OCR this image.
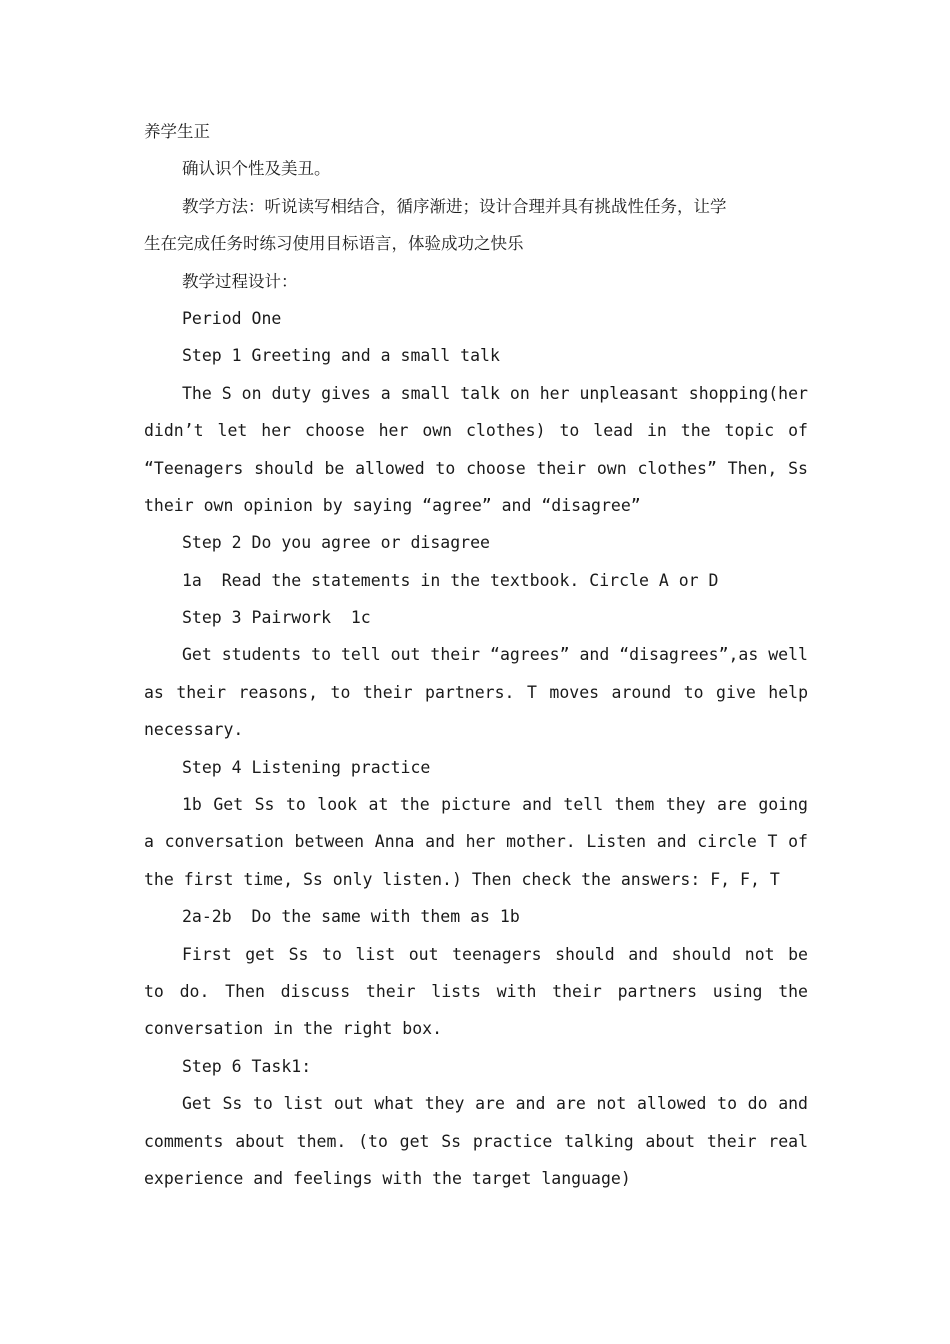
养学生正
确认识个性及美丑。
教学方法：听说读写相结合，循序渐进；设计合理并具有挑战性任务，让学
生在完成任务时练习使用目标语言，体验成功之快乐
教学过程设计：
Period One
Step 1 Greeting and a small talk
The S on duty gives a small talk on her unpleasant shopping(her
didn’t let her choose her own clothes) to lead in the topic of
“Teenagers should be allowed to choose their own clothes” Then, Ss
their own opinion by saying “agree” and “disagree”
Step 2 Do you agree or disagree
1a  Read the statements in the textbook. Circle A or D
Step 3 Pairwork  1c
Get students to tell out their “agrees” and “disagrees”,as well
as their reasons, to their partners. T moves around to give help
necessary.
Step 4 Listening practice
1b Get Ss to look at the picture and tell them they are going
a conversation between Anna and her mother. Listen and circle T of
the first time, Ss only listen.) Then check the answers: F, F, T
2a-2b  Do the same with them as 1b
First get Ss to list out teenagers should and should not be
to do. Then discuss their lists with their partners using the
conversation in the right box.
Step 6 Task1:
Get Ss to list out what they are and are not allowed to do and
comments about them. (to get Ss practice talking about their real
experience and feelings with the target language)
